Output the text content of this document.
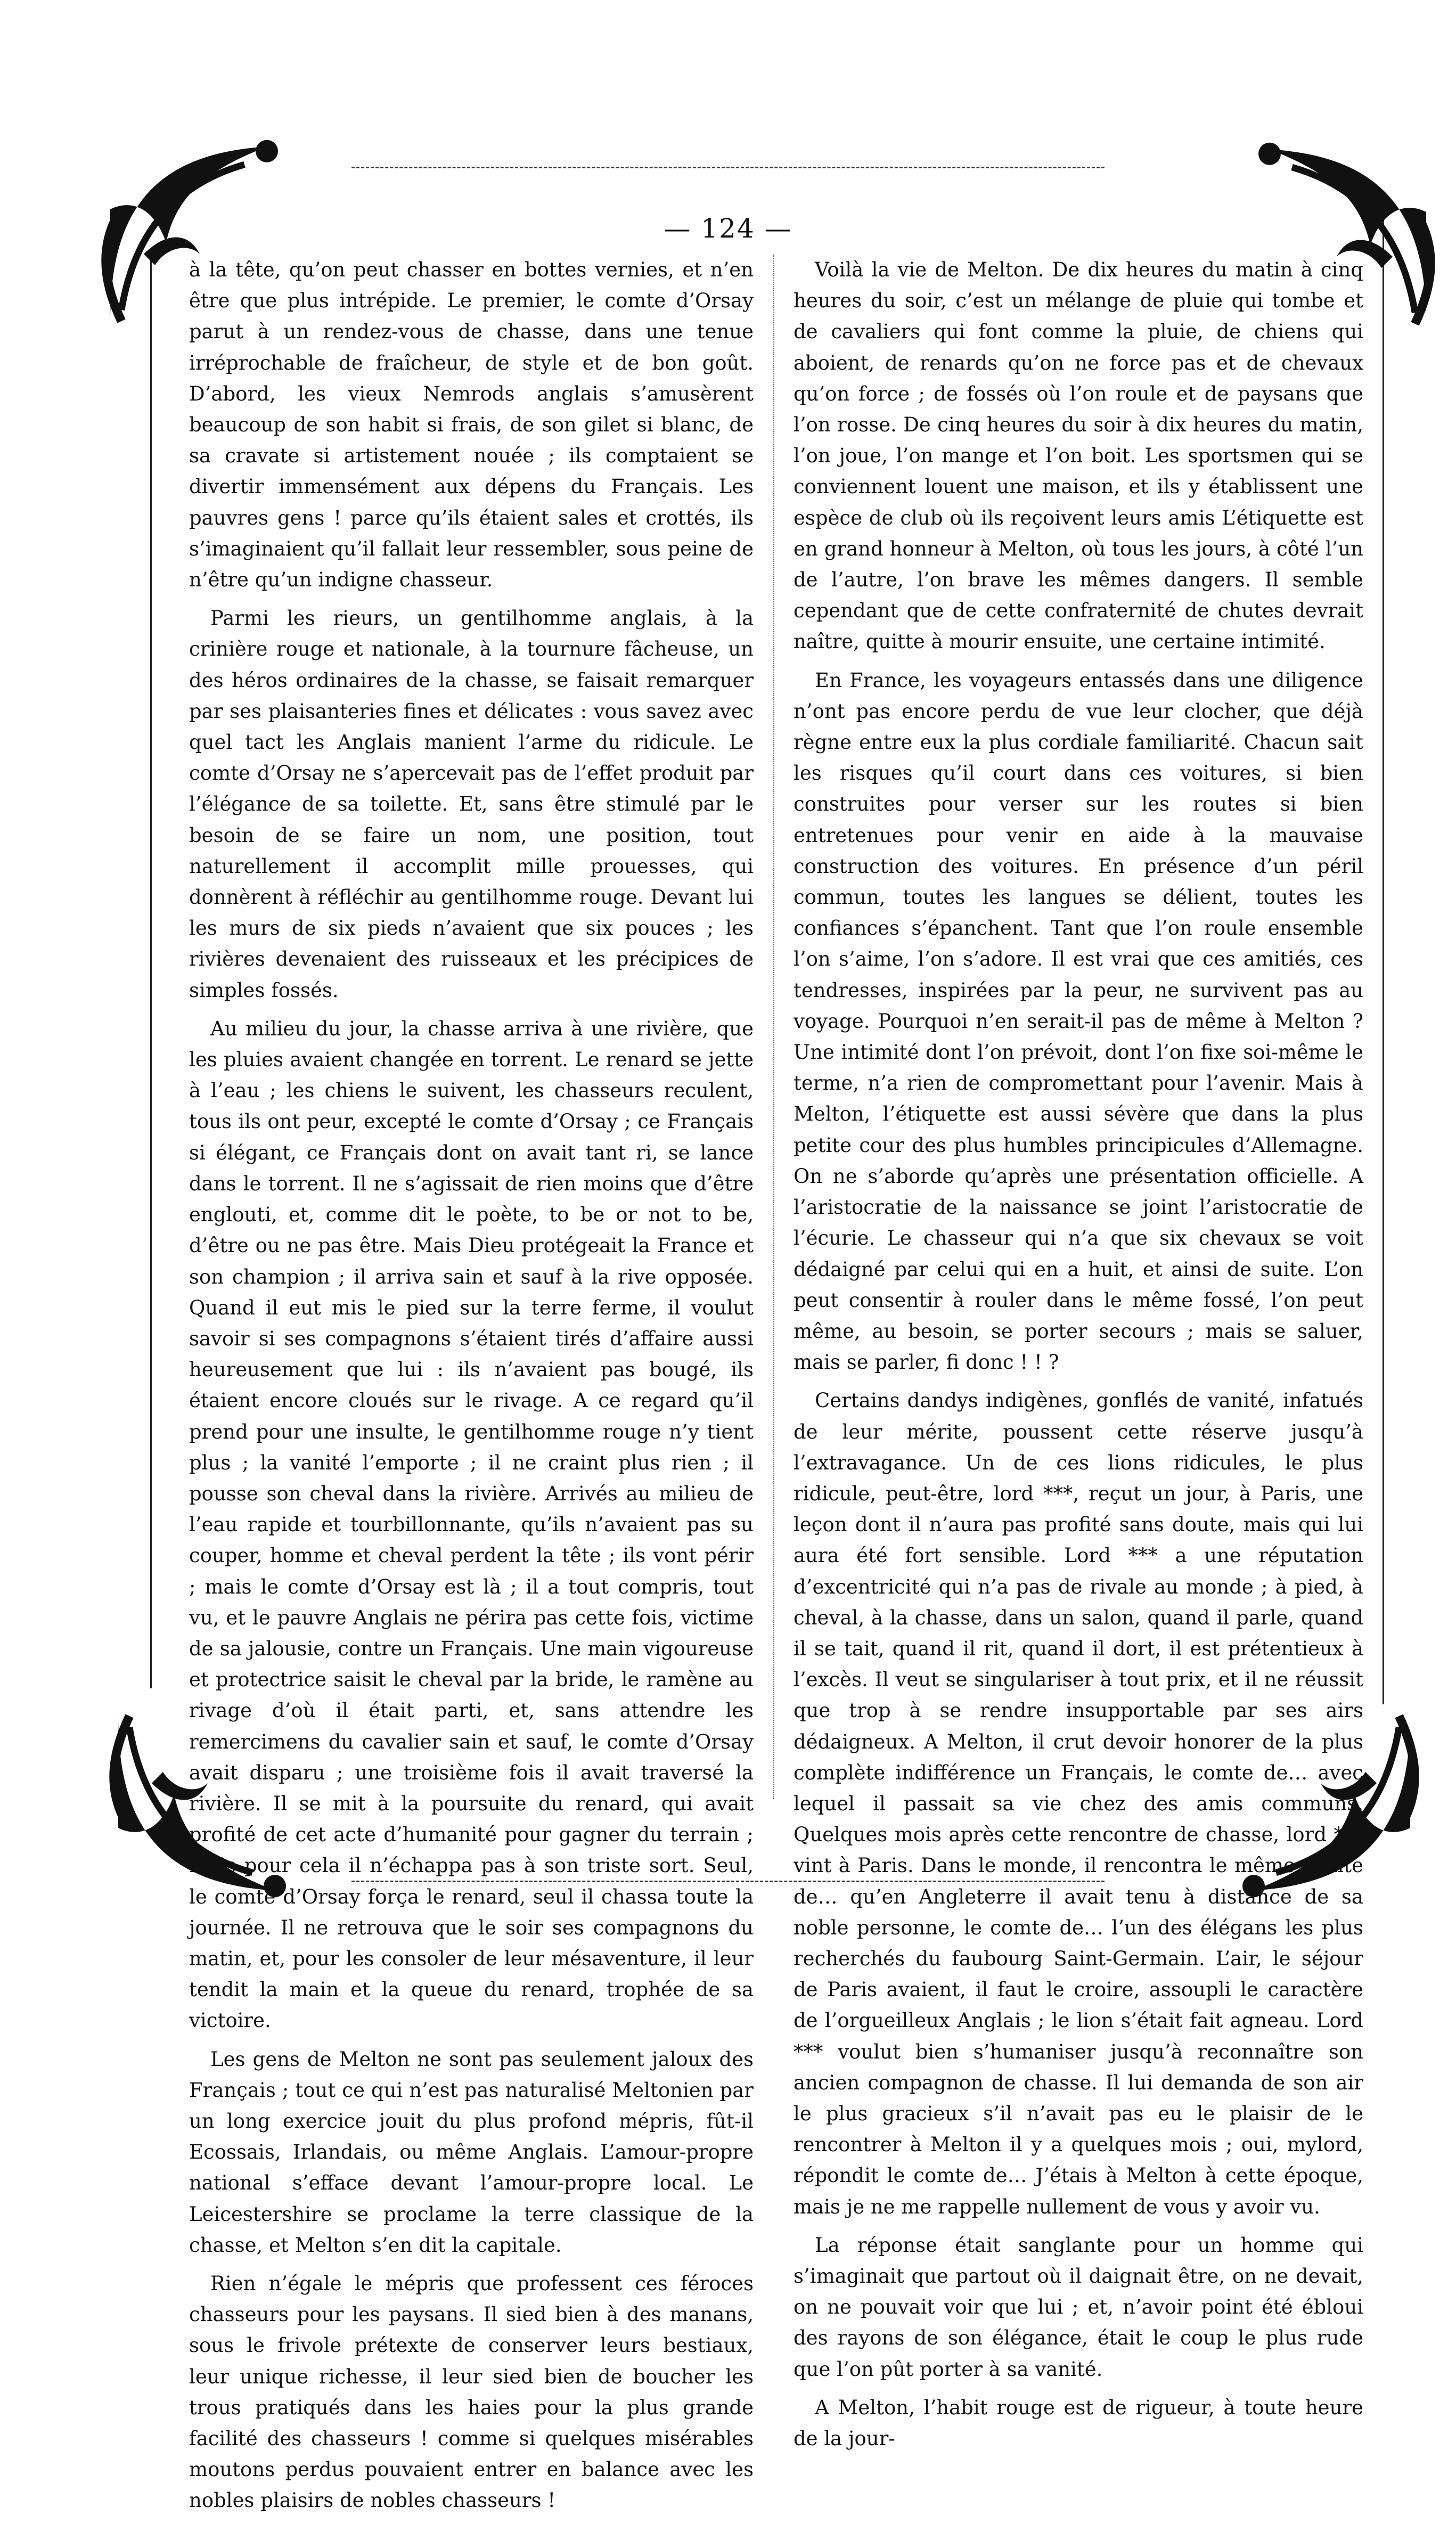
— 124 —

à la tête, qu’on peut chasser en bottes vernies, et n’en être que plus intrépide. Le premier, le comte d’Orsay parut à un rendez-vous de chasse, dans une tenue irréprochable de fraîcheur, de style et de bon goût. D’abord, les vieux Nemrods anglais s’amusèrent beaucoup de son habit si frais, de son gilet si blanc, de sa cravate si artistement nouée ; ils comptaient se divertir immensément aux dépens du Français. Les pauvres gens ! parce qu’ils étaient sales et crottés, ils s’imaginaient qu’il fallait leur ressembler, sous peine de n’être qu’un indigne chasseur.

Parmi les rieurs, un gentilhomme anglais, à la crinière rouge et nationale, à la tournure fâcheuse, un des héros ordinaires de la chasse, se faisait remarquer par ses plaisanteries fines et délicates : vous savez avec quel tact les Anglais manient l’arme du ridicule. Le comte d’Orsay ne s’apercevait pas de l’effet produit par l’élégance de sa toilette. Et, sans être stimulé par le besoin de se faire un nom, une position, tout naturellement il accomplit mille prouesses, qui donnèrent à réfléchir au gentilhomme rouge. Devant lui les murs de six pieds n’avaient que six pouces ; les rivières devenaient des ruisseaux et les précipices de simples fossés.

Au milieu du jour, la chasse arriva à une rivière, que les pluies avaient changée en torrent. Le renard se jette à l’eau ; les chiens le suivent, les chasseurs reculent, tous ils ont peur, excepté le comte d’Orsay ; ce Français si élégant, ce Français dont on avait tant ri, se lance dans le torrent. Il ne s’agissait de rien moins que d’être englouti, et, comme dit le poète, to be or not to be, d’être ou ne pas être. Mais Dieu protégeait la France et son champion ; il arriva sain et sauf à la rive opposée. Quand il eut mis le pied sur la terre ferme, il voulut savoir si ses compagnons s’étaient tirés d’affaire aussi heureusement que lui : ils n’avaient pas bougé, ils étaient encore cloués sur le rivage. A ce regard qu’il prend pour une insulte, le gentilhomme rouge n’y tient plus ; la vanité l’emporte ; il ne craint plus rien ; il pousse son cheval dans la rivière. Arrivés au milieu de l’eau rapide et tourbillonnante, qu’ils n’avaient pas su couper, homme et cheval perdent la tête ; ils vont périr ; mais le comte d’Orsay est là ; il a tout compris, tout vu, et le pauvre Anglais ne périra pas cette fois, victime de sa jalousie, contre un Français. Une main vigoureuse et protectrice saisit le cheval par la bride, le ramène au rivage d’où il était parti, et, sans attendre les remercimens du cavalier sain et sauf, le comte d’Orsay avait disparu ; une troisième fois il avait traversé la rivière. Il se mit à la poursuite du renard, qui avait profité de cet acte d’humanité pour gagner du terrain ; mais pour cela il n’échappa pas à son triste sort. Seul, le comte d’Orsay força le renard, seul il chassa toute la journée. Il ne retrouva que le soir ses compagnons du matin, et, pour les consoler de leur mésaventure, il leur tendit la main et la queue du renard, trophée de sa victoire.

Les gens de Melton ne sont pas seulement jaloux des Français ; tout ce qui n’est pas naturalisé Meltonien par un long exercice jouit du plus profond mépris, fût-il Ecossais, Irlandais, ou même Anglais. L’amour-propre national s’efface devant l’amour-propre local. Le Leicestershire se proclame la terre classique de la chasse, et Melton s’en dit la capitale.

Rien n’égale le mépris que professent ces féroces chasseurs pour les paysans. Il sied bien à des manans, sous le frivole prétexte de conserver leurs bestiaux, leur unique richesse, il leur sied bien de boucher les trous pratiqués dans les haies pour la plus grande facilité des chasseurs ! comme si quelques misérables moutons perdus pouvaient entrer en balance avec les nobles plaisirs de nobles chasseurs !

Voilà la vie de Melton. De dix heures du matin à cinq heures du soir, c’est un mélange de pluie qui tombe et de cavaliers qui font comme la pluie, de chiens qui aboient, de renards qu’on ne force pas et de chevaux qu’on force ; de fossés où l’on roule et de paysans que l’on rosse. De cinq heures du soir à dix heures du matin, l’on joue, l’on mange et l’on boit. Les sportsmen qui se conviennent louent une maison, et ils y établissent une espèce de club où ils reçoivent leurs amis L’étiquette est en grand honneur à Melton, où tous les jours, à côté l’un de l’autre, l’on brave les mêmes dangers. Il semble cependant que de cette confraternité de chutes devrait naître, quitte à mourir ensuite, une certaine intimité.

En France, les voyageurs entassés dans une diligence n’ont pas encore perdu de vue leur clocher, que déjà règne entre eux la plus cordiale familiarité. Chacun sait les risques qu’il court dans ces voitures, si bien construites pour verser sur les routes si bien entretenues pour venir en aide à la mauvaise construction des voitures. En présence d’un péril commun, toutes les langues se délient, toutes les confiances s’épanchent. Tant que l’on roule ensemble l’on s’aime, l’on s’adore. Il est vrai que ces amitiés, ces tendresses, inspirées par la peur, ne survivent pas au voyage. Pourquoi n’en serait-il pas de même à Melton ? Une intimité dont l’on prévoit, dont l’on fixe soi-même le terme, n’a rien de compromettant pour l’avenir. Mais à Melton, l’étiquette est aussi sévère que dans la plus petite cour des plus humbles principicules d’Allemagne. On ne s’aborde qu’après une présentation officielle. A l’aristocratie de la naissance se joint l’aristocratie de l’écurie. Le chasseur qui n’a que six chevaux se voit dédaigné par celui qui en a huit, et ainsi de suite. L’on peut consentir à rouler dans le même fossé, l’on peut même, au besoin, se porter secours ; mais se saluer, mais se parler, fi donc ! ! ?

Certains dandys indigènes, gonflés de vanité, infatués de leur mérite, poussent cette réserve jusqu’à l’extravagance. Un de ces lions ridicules, le plus ridicule, peut-être, lord ***, reçut un jour, à Paris, une leçon dont il n’aura pas profité sans doute, mais qui lui aura été fort sensible. Lord *** a une réputation d’excentricité qui n’a pas de rivale au monde ; à pied, à cheval, à la chasse, dans un salon, quand il parle, quand il se tait, quand il rit, quand il dort, il est prétentieux à l’excès. Il veut se singulariser à tout prix, et il ne réussit que trop à se rendre insupportable par ses airs dédaigneux. A Melton, il crut devoir honorer de la plus complète indifférence un Français, le comte de… avec lequel il passait sa vie chez des amis communs. Quelques mois après cette rencontre de chasse, lord *** vint à Paris. Dans le monde, il rencontra le même comte de… qu’en Angleterre il avait tenu à distance de sa noble personne, le comte de… l’un des élégans les plus recherchés du faubourg Saint-Germain. L’air, le séjour de Paris avaient, il faut le croire, assoupli le caractère de l’orgueilleux Anglais ; le lion s’était fait agneau. Lord *** voulut bien s’humaniser jusqu’à reconnaître son ancien compagnon de chasse. Il lui demanda de son air le plus gracieux s’il n’avait pas eu le plaisir de le rencontrer à Melton il y a quelques mois ; oui, mylord, répondit le comte de… J’étais à Melton à cette époque, mais je ne me rappelle nullement de vous y avoir vu.

La réponse était sanglante pour un homme qui s’imaginait que partout où il daignait être, on ne devait, on ne pouvait voir que lui ; et, n’avoir point été ébloui des rayons de son élégance, était le coup le plus rude que l’on pût porter à sa vanité.

A Melton, l’habit rouge est de rigueur, à toute heure de la jour-
